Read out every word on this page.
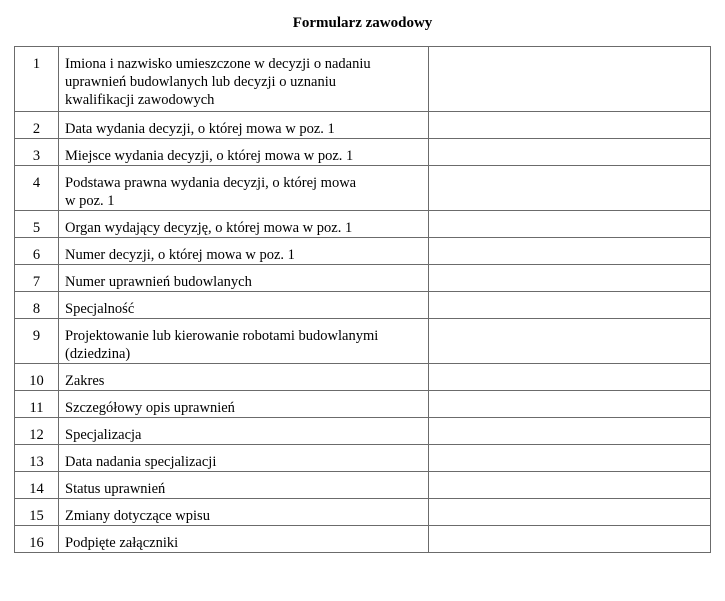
Formularz zawodowy
1	Imiona i nazwisko umieszczone w decyzji o nadaniu
uprawnień budowlanych lub decyzji o uznaniu
kwalifikacji zawodowych	

2	Data wydania decyzji, o której mowa w poz. 1	

3	Miejsce wydania decyzji, o której mowa w poz. 1	

4	Podstawa prawna wydania decyzji, o której mowa
w poz. 1	

5	Organ wydający decyzję, o której mowa w poz. 1	

6	Numer decyzji, o której mowa w poz. 1	

7	Numer uprawnień budowlanych	

8	Specjalność	

9	Projektowanie lub kierowanie robotami budowlanymi
(dziedzina)	

10	Zakres	

11	Szczegółowy opis uprawnień	

12	Specjalizacja	

13	Data nadania specjalizacji	

14	Status uprawnień	

15	Zmiany dotyczące wpisu	

16	Podpięte załączniki	
